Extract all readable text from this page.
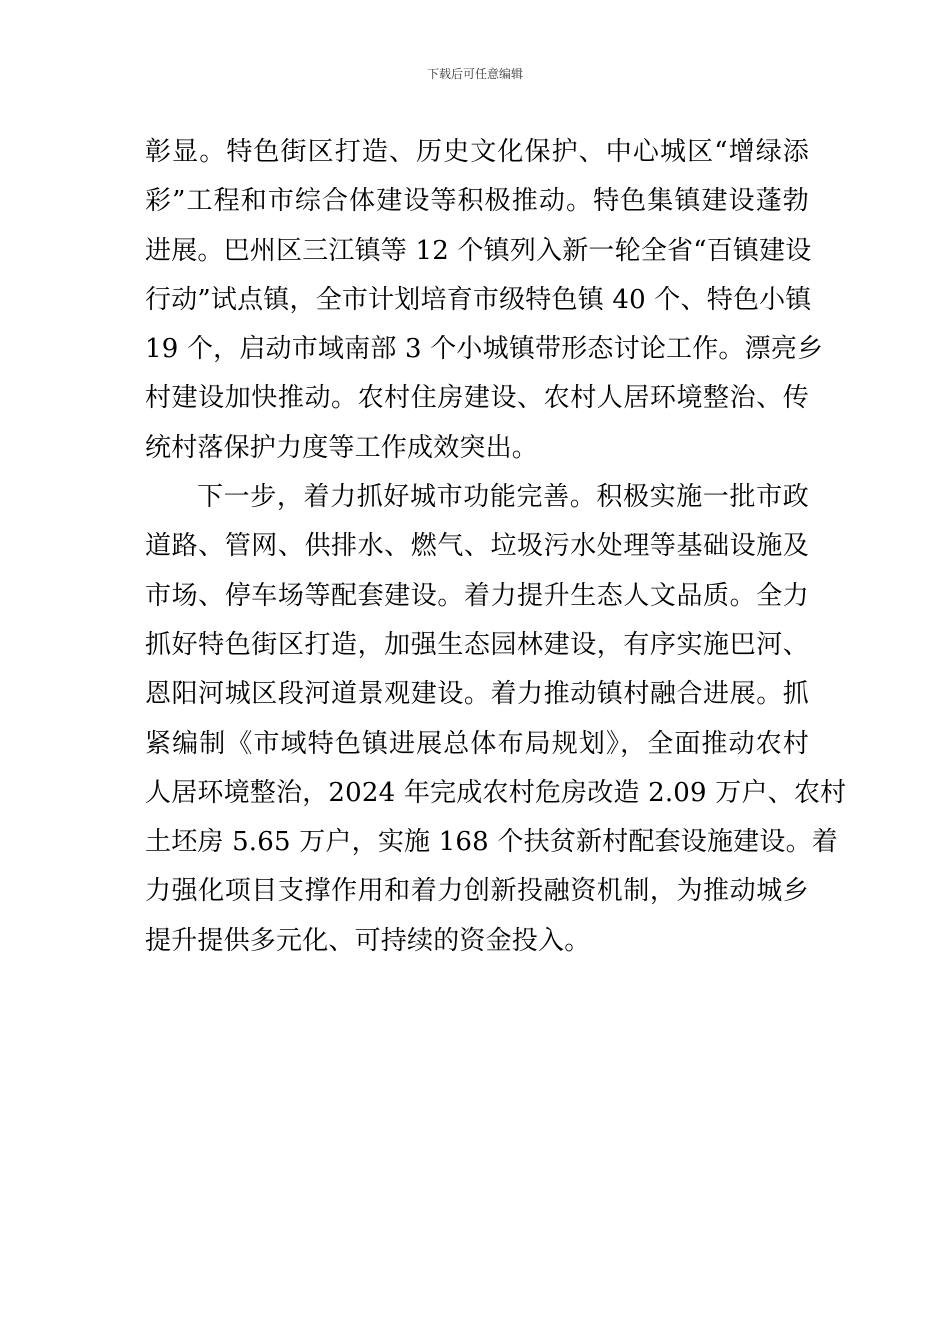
下载后可任意编辑
彰显。特色街区打造、历史文化保护、中心城区“增绿添
彩”工程和市综合体建设等积极推动。特色集镇建设蓬勃
进展。巴州区三江镇等 12 个镇列入新一轮全省“百镇建设
行动”试点镇，全市计划培育市级特色镇 40 个、特色小镇
19 个，启动市域南部 3 个小城镇带形态讨论工作。漂亮乡
村建设加快推动。农村住房建设、农村人居环境整治、传
统村落保护力度等工作成效突出。
下一步，着力抓好城市功能完善。积极实施一批市政
道路、管网、供排水、燃气、垃圾污水处理等基础设施及
市场、停车场等配套建设。着力提升生态人文品质。全力
抓好特色街区打造，加强生态园林建设，有序实施巴河、
恩阳河城区段河道景观建设。着力推动镇村融合进展。抓
紧编制《市域特色镇进展总体布局规划》，全面推动农村
人居环境整治，2024 年完成农村危房改造 2.09 万户、农村
土坯房 5.65 万户，实施 168 个扶贫新村配套设施建设。着
力强化项目支撑作用和着力创新投融资机制，为推动城乡
提升提供多元化、可持续的资金投入。
